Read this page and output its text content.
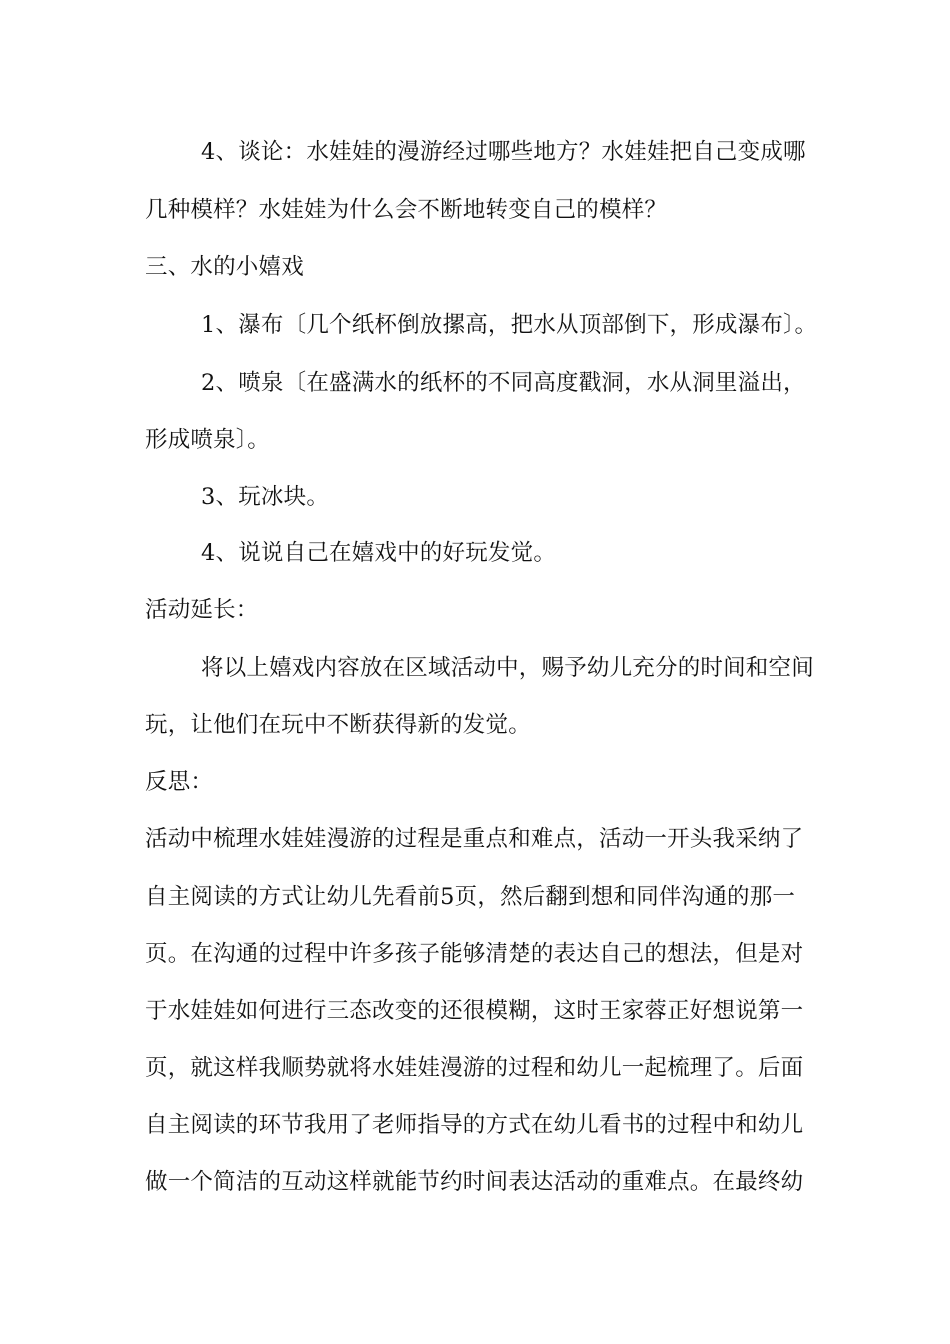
4、谈论：水娃娃的漫游经过哪些地方？水娃娃把自己变成哪
几种模样？水娃娃为什么会不断地转变自己的模样？
三、水的小嬉戏
1、瀑布〔几个纸杯倒放摞高，把水从顶部倒下，形成瀑布〕。
2、喷泉〔在盛满水的纸杯的不同高度戳洞，水从洞里溢出，
形成喷泉〕。
3、玩冰块。
4、说说自己在嬉戏中的好玩发觉。
活动延长：
将以上嬉戏内容放在区域活动中，赐予幼儿充分的时间和空间
玩，让他们在玩中不断获得新的发觉。
反思：
活动中梳理水娃娃漫游的过程是重点和难点，活动一开头我采纳了
自主阅读的方式让幼儿先看前5页，然后翻到想和同伴沟通的那一
页。在沟通的过程中许多孩子能够清楚的表达自己的想法，但是对
于水娃娃如何进行三态改变的还很模糊，这时王家蓉正好想说第一
页，就这样我顺势就将水娃娃漫游的过程和幼儿一起梳理了。后面
自主阅读的环节我用了老师指导的方式在幼儿看书的过程中和幼儿
做一个简洁的互动这样就能节约时间表达活动的重难点。在最终幼
